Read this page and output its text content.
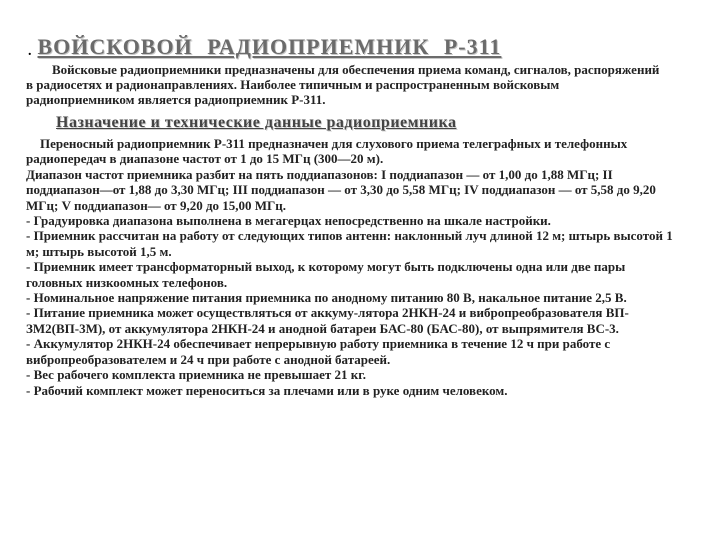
. ВОЙСКОВОЙ РАДИОПРИЕМНИК Р-311
Войсковые радиоприемники предназначены для обеспечения приема команд, сигналов, распоряжений в радиосетях и радионаправлениях. Наиболее типичным и распространенным войсковым радиоприемником является радиоприемник Р-311.
Назначение и технические данные радиоприемника

Переносный радиоприемник Р-311 предназначен для слухового приема телеграфных и телефонных радиопередач в диапазоне частот от 1 до 15 МГц (300—20 м).

Диапазон частот приемника разбит на пять поддиапазонов: I поддиапазон — от 1,00 до 1,88 МГц; II поддиапазон—от 1,88 до 3,30 МГц; III поддиапазон — от 3,30 до 5,58 МГц; IV поддиапазон — от 5,58 до 9,20 МГц; V поддиапазон— от 9,20 до 15,00 МГц.

- Градуировка диапазона выполнена в мегагерцах непосредственно на шкале настройки.

- Приемник рассчитан на работу от следующих типов антенн: наклонный луч длиной 12 м; штырь высотой 1 м; штырь высотой 1,5 м.

- Приемник имеет трансформаторный выход, к которому могут быть подключены одна или две пары головных низкоомных телефонов.

- Номинальное напряжение питания приемника по анодному питанию 80 В, накальное питание 2,5 В.

- Питание приемника может осуществляться от аккуму-лятора 2НКН-24 и вибропреобразователя ВП-ЗМ2(ВП-3М), от аккумулятора 2НКН-24 и анодной батареи БАС-80 (БАС-80), от выпрямителя ВС-3.

- Аккумулятор 2НКН-24 обеспечивает непрерывную работу приемника в течение 12 ч при работе с вибропреобразователем и 24 ч при работе с анодной батареей.

- Вес рабочего комплекта приемника не превышает 21 кг.

- Рабочий комплект может переноситься за плечами или в руке одним человеком.
